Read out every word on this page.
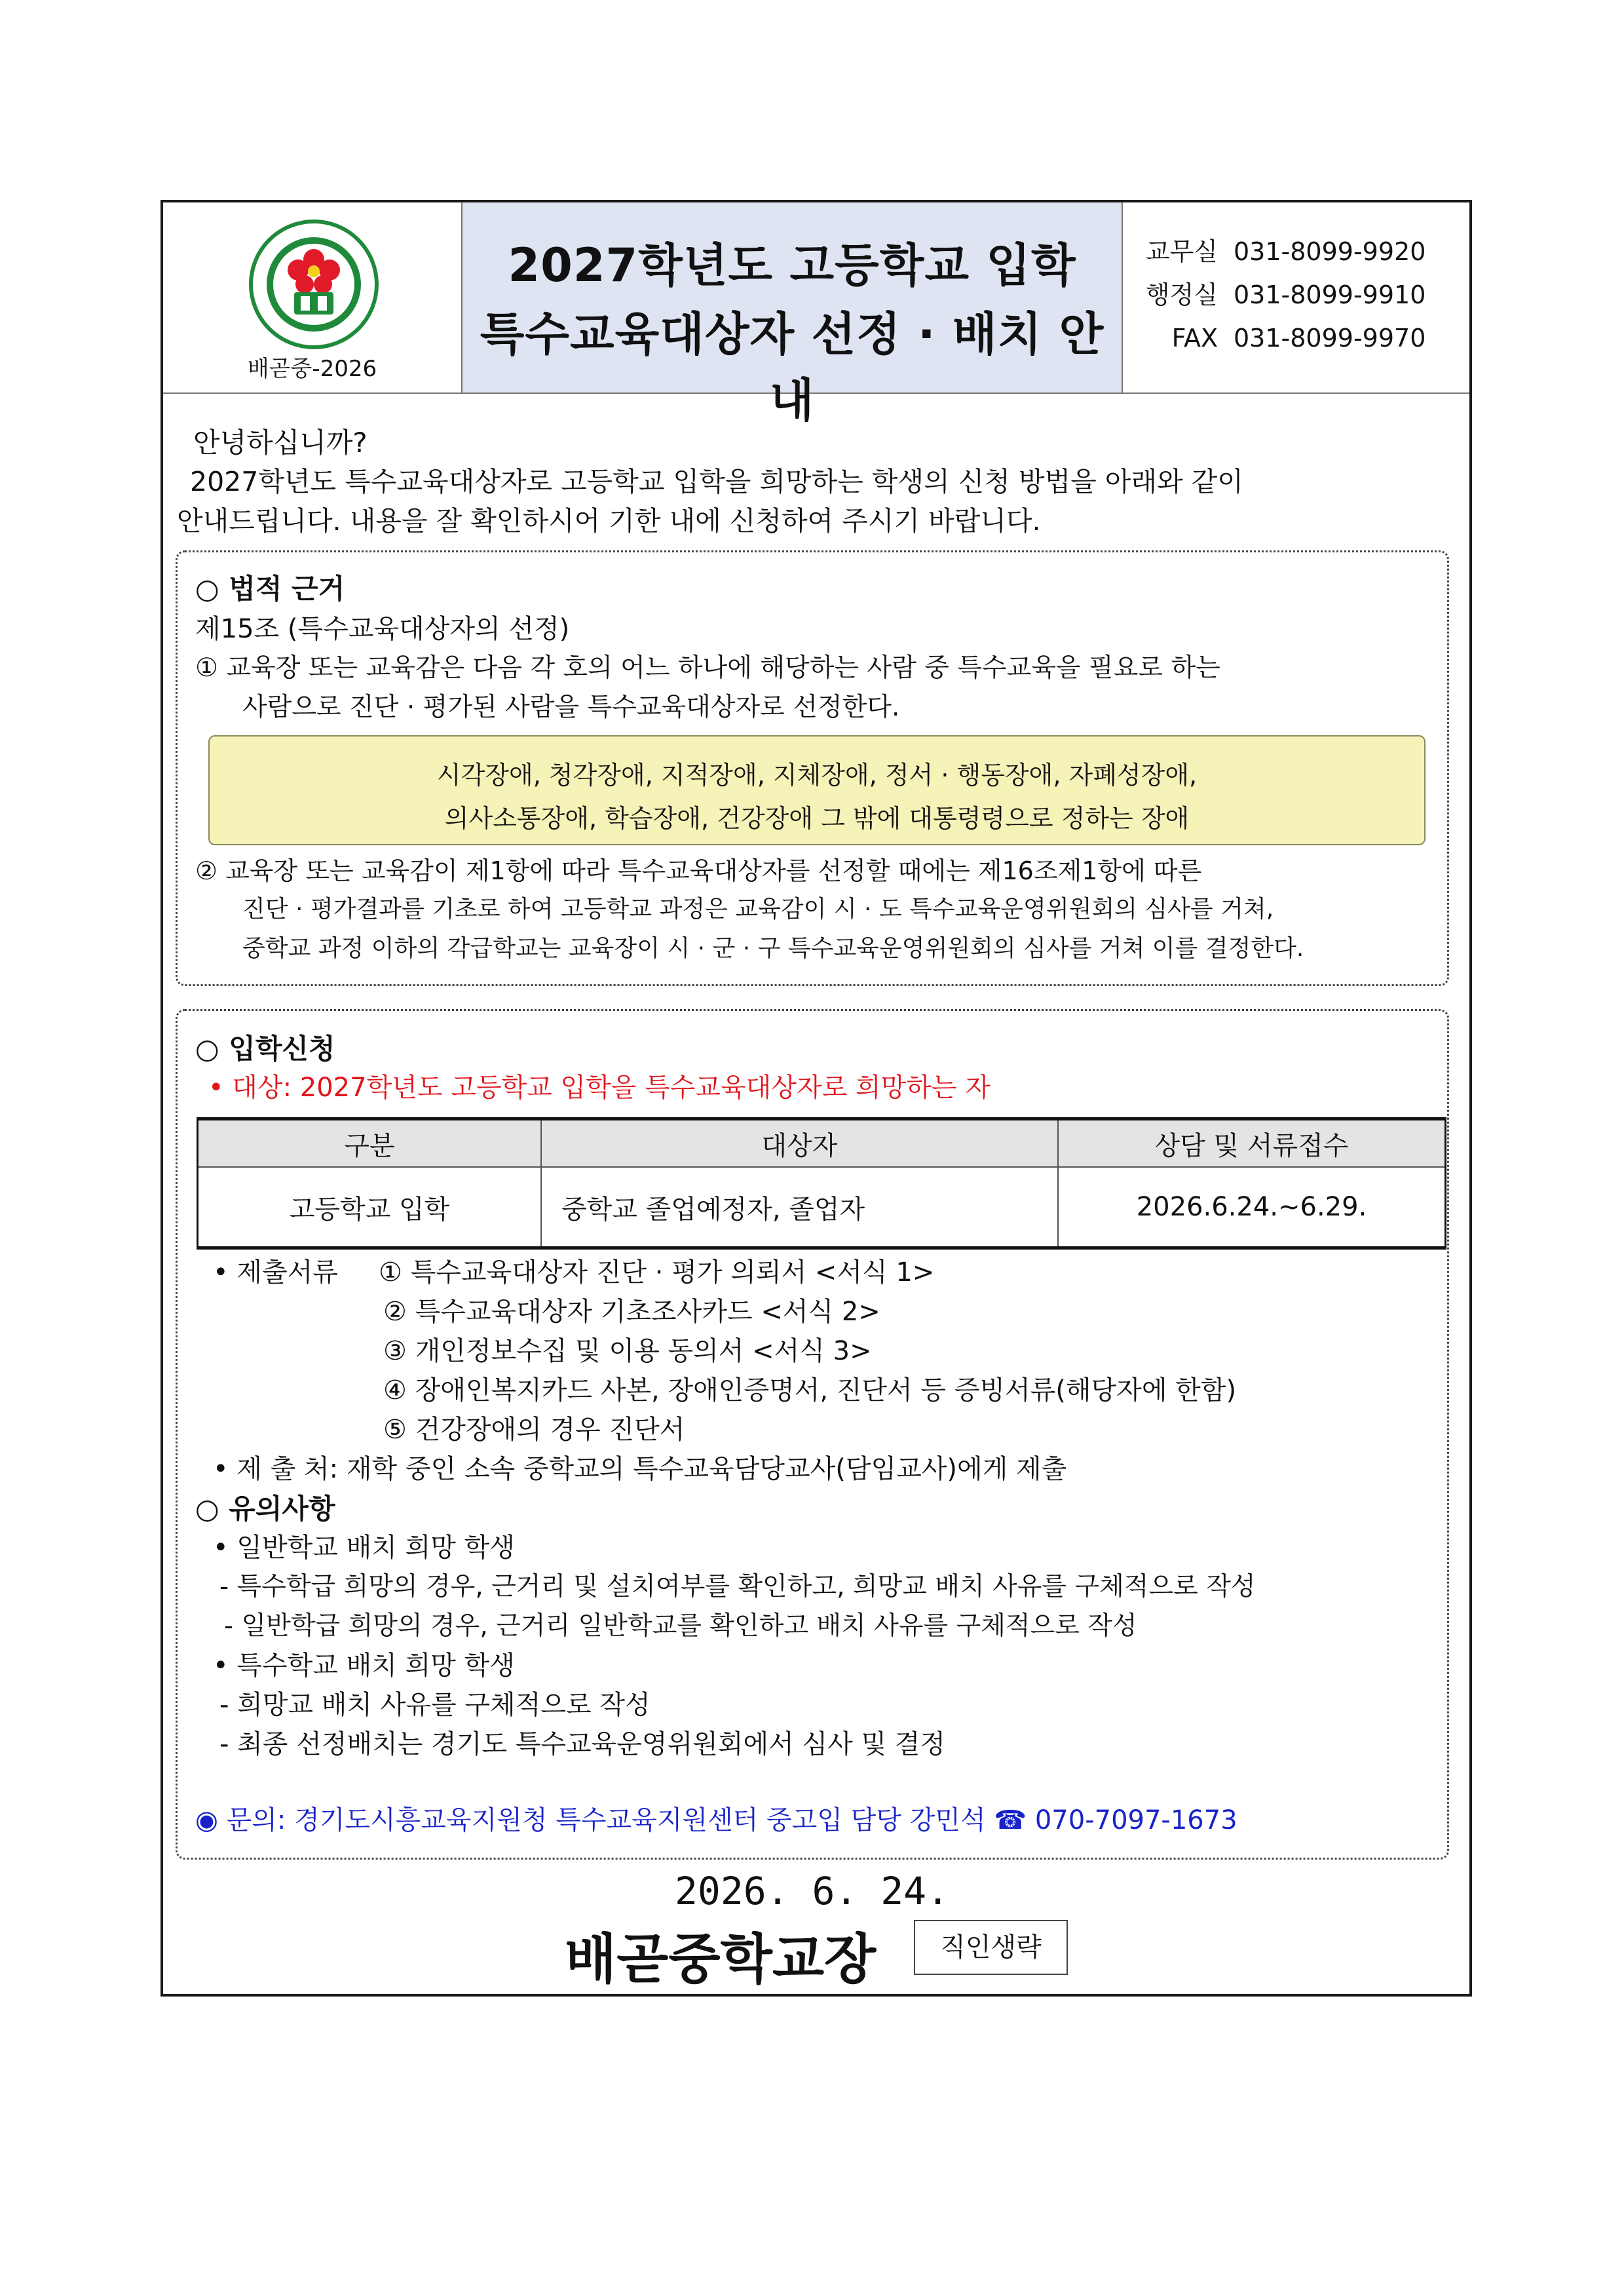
배곧중-2026
2027학년도 고등학교 입학
특수교육대상자 선정 · 배치 안내
교무실 031-8099-9920
행정실 031-8099-9910
FAX 031-8099-9970
안녕하십니까?
2027학년도 특수교육대상자로 고등학교 입학을 희망하는 학생의 신청 방법을 아래와 같이
안내드립니다. 내용을 잘 확인하시어 기한 내에 신청하여 주시기 바랍니다.
○ 법적 근거
제15조 (특수교육대상자의 선정)
① 교육장 또는 교육감은 다음 각 호의 어느 하나에 해당하는 사람 중 특수교육을 필요로 하는
사람으로 진단 · 평가된 사람을 특수교육대상자로 선정한다.
시각장애, 청각장애, 지적장애, 지체장애, 정서 · 행동장애, 자폐성장애,
의사소통장애, 학습장애, 건강장애 그 밖에 대통령령으로 정하는 장애
② 교육장 또는 교육감이 제1항에 따라 특수교육대상자를 선정할 때에는 제16조제1항에 따른
진단 · 평가결과를 기초로 하여 고등학교 과정은 교육감이 시 · 도 특수교육운영위원회의 심사를 거쳐,
중학교 과정 이하의 각급학교는 교육장이 시 · 군 · 구 특수교육운영위원회의 심사를 거쳐 이를 결정한다.
○ 입학신청
• 대상: 2027학년도 고등학교 입학을 특수교육대상자로 희망하는 자
구분	대상자	상담 및 서류접수
고등학교 입학	중학교 졸업예정자, 졸업자	2026.6.24.~6.29.
• 제출서류 ① 특수교육대상자 진단 · 평가 의뢰서 <서식 1>
② 특수교육대상자 기초조사카드 <서식 2>
③ 개인정보수집 및 이용 동의서 <서식 3>
④ 장애인복지카드 사본, 장애인증명서, 진단서 등 증빙서류(해당자에 한함)
⑤ 건강장애의 경우 진단서
• 제 출 처: 재학 중인 소속 중학교의 특수교육담당교사(담임교사)에게 제출
○ 유의사항
• 일반학교 배치 희망 학생
- 특수학급 희망의 경우, 근거리 및 설치여부를 확인하고, 희망교 배치 사유를 구체적으로 작성
- 일반학급 희망의 경우, 근거리 일반학교를 확인하고 배치 사유를 구체적으로 작성
• 특수학교 배치 희망 학생
- 희망교 배치 사유를 구체적으로 작성
- 최종 선정배치는 경기도 특수교육운영위원회에서 심사 및 결정
◉ 문의: 경기도시흥교육지원청 특수교육지원센터 중고입 담당 강민석 ☎ 070-7097-1673
2026. 6. 24.
배곧중학교장	직인생략
